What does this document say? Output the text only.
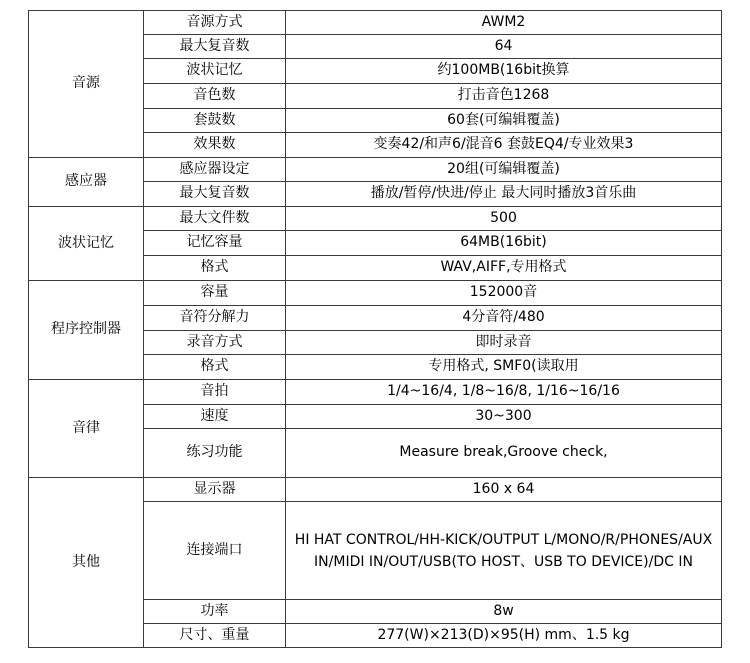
音源	音源方式	AWM2
	最大复音数	64
	波状记忆	约100MB(16bit换算
	音色数	打击音色1268
	套鼓数	60套(可编辑覆盖)
	效果数	变奏42/和声6/混音6 套鼓EQ4/专业效果3
感应器	感应器设定	20组(可编辑覆盖)
	最大复音数	播放/暂停/快进/停止 最大同时播放3首乐曲
波状记忆	最大文件数	500
	记忆容量	64MB(16bit)
	格式	WAV,AIFF,专用格式
程序控制器	容量	152000音
	音符分解力	4分音符/480
	录音方式	即时录音
	格式	专用格式, SMF0(读取用
音律	音拍	1/4~16/4, 1/8~16/8, 1/16~16/16
	速度	30~300
	练习功能	Measure break,Groove check,
其他	显示器	160 x 64
	连接端口	HI HAT CONTROL/HH-KICK/OUTPUT L/MONO/R/PHONES/AUX IN/MIDI IN/OUT/USB(TO HOST、USB TO DEVICE)/DC IN
	功率	8w
	尺寸、重量	277(W)×213(D)×95(H) mm、1.5 kg
